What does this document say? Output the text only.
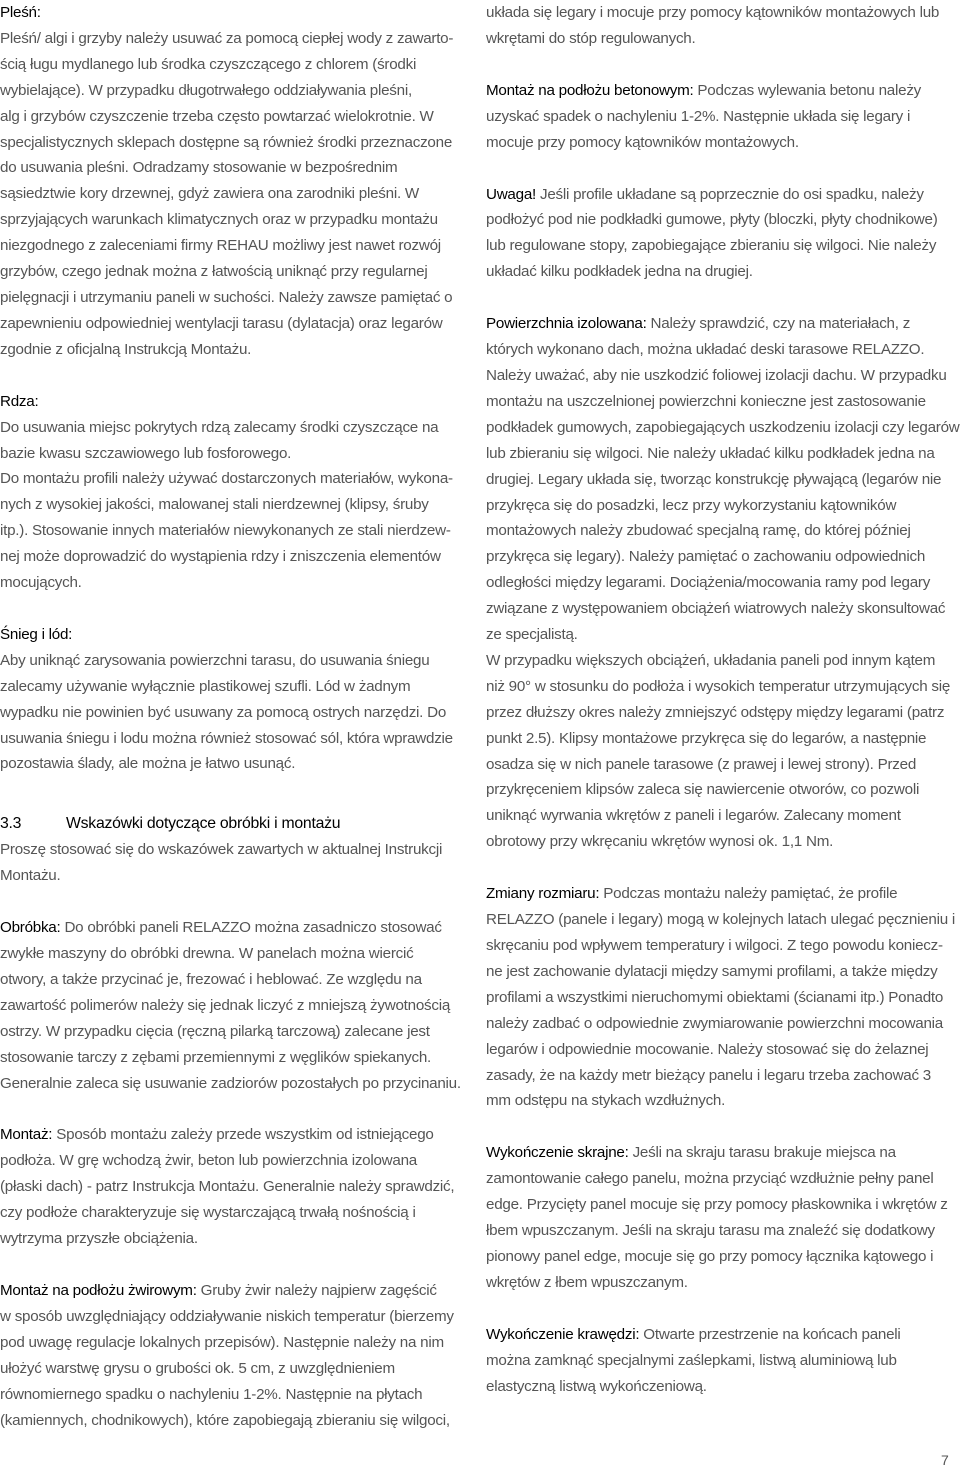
Pleśń:
Pleśń/ algi i grzyby należy usuwać za pomocą ciepłej wody z zawarto-
ścią ługu mydlanego lub środka czyszczącego z chlorem (środki
wybielające). W przypadku długotrwałego oddziaływania pleśni,
alg i grzybów czyszczenie trzeba często powtarzać wielokrotnie. W
specjalistycznych sklepach dostępne są również środki przeznaczone
do usuwania pleśni. Odradzamy stosowanie w bezpośrednim
sąsiedztwie kory drzewnej, gdyż zawiera ona zarodniki pleśni. W
sprzyjających warunkach klimatycznych oraz w przypadku montażu
niezgodnego z zaleceniami firmy REHAU możliwy jest nawet rozwój
grzybów, czego jednak można z łatwością uniknąć przy regularnej
pielęgnacji i utrzymaniu paneli w suchości. Należy zawsze pamiętać o
zapewnieniu odpowiedniej wentylacji tarasu (dylatacja) oraz legarów
zgodnie z oficjalną Instrukcją Montażu.
Rdza:
Do usuwania miejsc pokrytych rdzą zalecamy środki czyszczące na
bazie kwasu szczawiowego lub fosforowego.
Do montażu profili należy używać dostarczonych materiałów, wykona-
nych z wysokiej jakości, malowanej stali nierdzewnej (klipsy, śruby
itp.). Stosowanie innych materiałów niewykonanych ze stali nierdzew-
nej może doprowadzić do wystąpienia rdzy i zniszczenia elementów
mocujących.
Śnieg i lód:
Aby uniknąć zarysowania powierzchni tarasu, do usuwania śniegu
zalecamy używanie wyłącznie plastikowej szufli. Lód w żadnym
wypadku nie powinien być usuwany za pomocą ostrych narzędzi. Do
usuwania śniegu i lodu można również stosować sól, która wprawdzie
pozostawia ślady, ale można je łatwo usunąć.
3.3	Wskazówki dotyczące obróbki i montażu
Proszę stosować się do wskazówek zawartych w aktualnej Instrukcji
Montażu.
Obróbka: Do obróbki paneli RELAZZO można zasadniczo stosować
zwykłe maszyny do obróbki drewna. W panelach można wiercić
otwory, a także przycinać je, frezować i heblować. Ze względu na
zawartość polimerów należy się jednak liczyć z mniejszą żywotnością
ostrzy. W przypadku cięcia (ręczną pilarką tarczową) zalecane jest
stosowanie tarczy z zębami przemiennymi z węglików spiekanych.
Generalnie zaleca się usuwanie zadziorów pozostałych po przycinaniu.
Montaż: Sposób montażu zależy przede wszystkim od istniejącego
podłoża. W grę wchodzą żwir, beton lub powierzchnia izolowana
(płaski dach) - patrz Instrukcja Montażu. Generalnie należy sprawdzić,
czy podłoże charakteryzuje się wystarczającą trwałą nośnością i
wytrzyma przyszłe obciążenia.
Montaż na podłożu żwirowym: Gruby żwir należy najpierw zagęścić
w sposób uwzględniający oddziaływanie niskich temperatur (bierzemy
pod uwagę regulacje lokalnych przepisów). Następnie należy na nim
ułożyć warstwę grysu o grubości ok. 5 cm, z uwzględnieniem
równomiernego spadku o nachyleniu 1-2%. Następnie na płytach
(kamiennych, chodnikowych), które zapobiegają zbieraniu się wilgoci,
układa się legary i mocuje przy pomocy kątowników montażowych lub
wkrętami do stóp regulowanych.
Montaż na podłożu betonowym: Podczas wylewania betonu należy
uzyskać spadek o nachyleniu 1-2%. Następnie układa się legary i
mocuje przy pomocy kątowników montażowych.
Uwaga! Jeśli profile układane są poprzecznie do osi spadku, należy
podłożyć pod nie podkładki gumowe, płyty (bloczki, płyty chodnikowe)
lub regulowane stopy, zapobiegające zbieraniu się wilgoci. Nie należy
układać kilku podkładek jedna na drugiej.
Powierzchnia izolowana: Należy sprawdzić, czy na materiałach, z
których wykonano dach, można układać deski tarasowe RELAZZO.
Należy uważać, aby nie uszkodzić foliowej izolacji dachu. W przypadku
montażu na uszczelnionej powierzchni konieczne jest zastosowanie
podkładek gumowych, zapobiegających uszkodzeniu izolacji czy legarów
lub zbieraniu się wilgoci. Nie należy układać kilku podkładek jedna na
drugiej. Legary układa się, tworząc konstrukcję pływającą (legarów nie
przykręca się do posadzki, lecz przy wykorzystaniu kątowników
montażowych należy zbudować specjalną ramę, do której później
przykręca się legary). Należy pamiętać o zachowaniu odpowiednich
odległości między legarami. Dociążenia/mocowania ramy pod legary
związane z występowaniem obciążeń wiatrowych należy skonsultować
ze specjalistą.
W przypadku większych obciążeń, układania paneli pod innym kątem
niż 90° w stosunku do podłoża i wysokich temperatur utrzymujących się
przez dłuższy okres należy zmniejszyć odstępy między legarami (patrz
punkt 2.5). Klipsy montażowe przykręca się do legarów, a następnie
osadza się w nich panele tarasowe (z prawej i lewej strony). Przed
przykręceniem klipsów zaleca się nawiercenie otworów, co pozwoli
uniknąć wyrwania wkrętów z paneli i legarów. Zalecany moment
obrotowy przy wkręcaniu wkrętów wynosi ok. 1,1 Nm.
Zmiany rozmiaru: Podczas montażu należy pamiętać, że profile
RELAZZO (panele i legary) mogą w kolejnych latach ulegać pęcznieniu i
skręcaniu pod wpływem temperatury i wilgoci. Z tego powodu koniecz-
ne jest zachowanie dylatacji między samymi profilami, a także między
profilami a wszystkimi nieruchomymi obiektami (ścianami itp.) Ponadto
należy zadbać o odpowiednie zwymiarowanie powierzchni mocowania
legarów i odpowiednie mocowanie. Należy stosować się do żelaznej
zasady, że na każdy metr bieżący panelu i legaru trzeba zachować 3
mm odstępu na stykach wzdłużnych.
Wykończenie skrajne: Jeśli na skraju tarasu brakuje miejsca na
zamontowanie całego panelu, można przyciąć wzdłużnie pełny panel
edge. Przycięty panel mocuje się przy pomocy płaskownika i wkrętów z
łbem wpuszczanym. Jeśli na skraju tarasu ma znaleźć się dodatkowy
pionowy panel edge, mocuje się go przy pomocy łącznika kątowego i
wkrętów z łbem wpuszczanym.
Wykończenie krawędzi: Otwarte przestrzenie na końcach paneli
można zamknąć specjalnymi zaślepkami, listwą aluminiową lub
elastyczną listwą wykończeniową.
7
